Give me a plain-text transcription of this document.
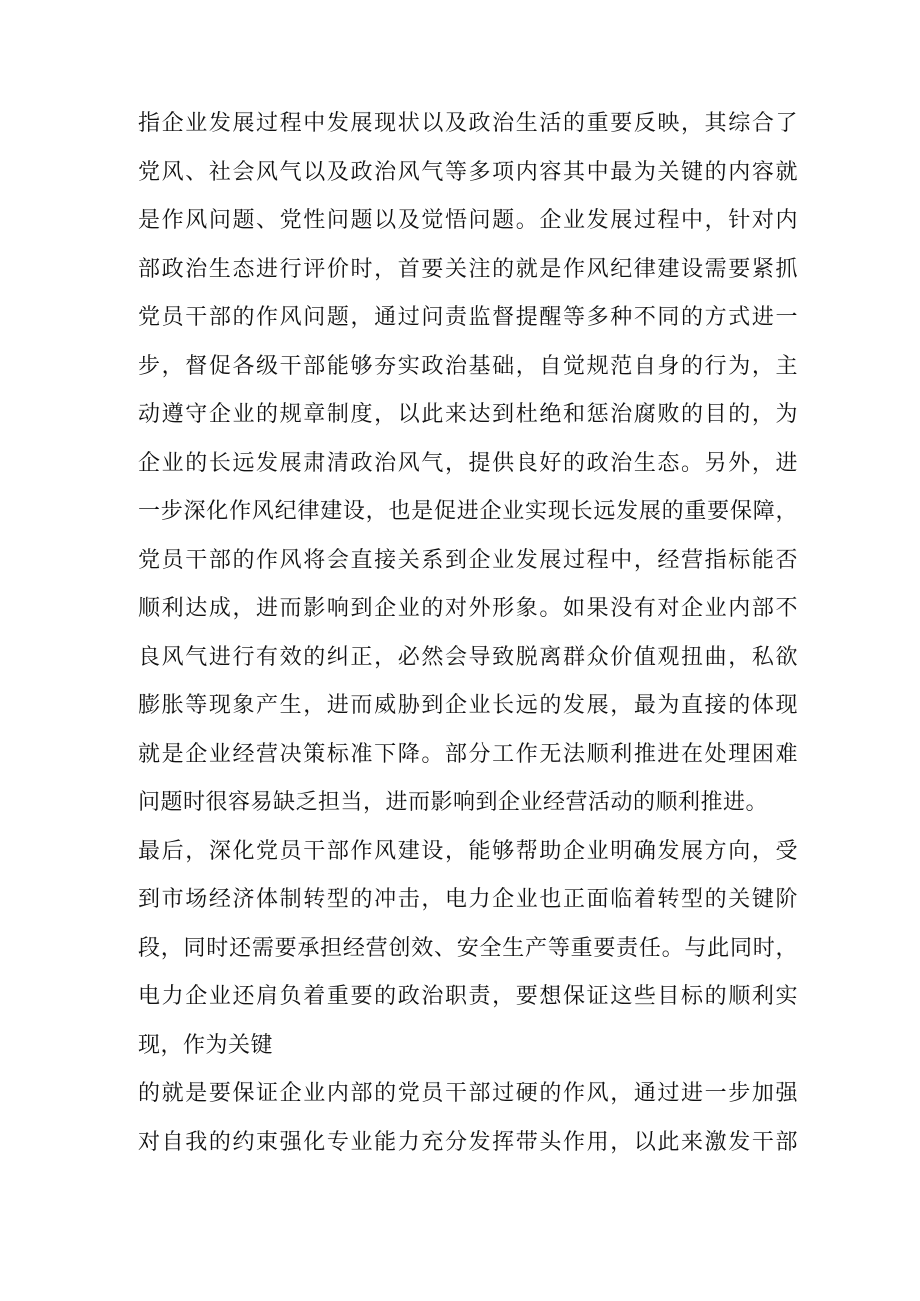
指企业发展过程中发展现状以及政治生活的重要反映，其综合了
党风、社会风气以及政治风气等多项内容其中最为关键的内容就
是作风问题、党性问题以及觉悟问题。企业发展过程中，针对内
部政治生态进行评价时，首要关注的就是作风纪律建设需要紧抓
党员干部的作风问题，通过问责监督提醒等多种不同的方式进一
步，督促各级干部能够夯实政治基础，自觉规范自身的行为，主
动遵守企业的规章制度，以此来达到杜绝和惩治腐败的目的，为
企业的长远发展肃清政治风气，提供良好的政治生态。另外，进
一步深化作风纪律建设，也是促进企业实现长远发展的重要保障，
党员干部的作风将会直接关系到企业发展过程中，经营指标能否
顺利达成，进而影响到企业的对外形象。如果没有对企业内部不
良风气进行有效的纠正，必然会导致脱离群众价值观扭曲，私欲
膨胀等现象产生，进而威胁到企业长远的发展，最为直接的体现
就是企业经营决策标准下降。部分工作无法顺利推进在处理困难
问题时很容易缺乏担当，进而影响到企业经营活动的顺利推进。
最后，深化党员干部作风建设，能够帮助企业明确发展方向，受
到市场经济体制转型的冲击，电力企业也正面临着转型的关键阶
段，同时还需要承担经营创效、安全生产等重要责任。与此同时，
电力企业还肩负着重要的政治职责，要想保证这些目标的顺利实
现，作为关键
的就是要保证企业内部的党员干部过硬的作风，通过进一步加强
对自我的约束强化专业能力充分发挥带头作用，以此来激发干部
